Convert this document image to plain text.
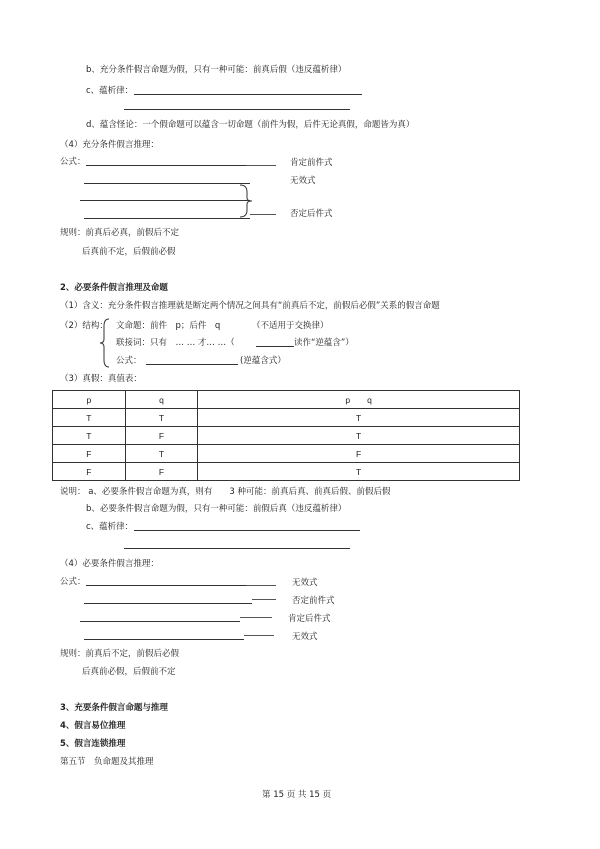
b、充分条件假言命题为假，只有一种可能：前真后假（违反蕴析律）
c、蕴析律：
d、蕴含怪论：一个假命题可以蕴含一切命题（前件为假，后件无论真假，命题皆为真）
（4）充分条件假言推理：
公式：	肯定前件式
无效式
否定后件式
规则：前真后必真，前假后不定
后真前不定，后假前必假
2、必要条件假言推理及命题
（1）含义：充分条件假言推理就是断定两个情况之间具有“前真后不定，前假后必假”关系的假言命题
（2）结构： 文命题：前件　p；后件　q	（不适用于交换律）
联接词：只有　… … 才… …（	读作“逆蕴含”）
公式：	(逆蕴含式）
（3）真假：真值表：
p	q	p　　q
T	T	T
T	F	T
F	T	F
F	F	T
说明： a、必要条件假言命题为真，则有　　3 种可能：前真后真、前真后假、前假后假
b、必要条件假言命题为假，只有一种可能：前假后真（违反蕴析律）
c、蕴析律：
（4）必要条件假言推理：
公式：	无效式
否定前件式
肯定后件式
无效式
规则：前真后不定，前假后必假
后真前必假，后假前不定
3、充要条件假言命题与推理
4、假言易位推理
5、假言连锁推理
第五节　负命题及其推理
第 15 页 共 15 页
